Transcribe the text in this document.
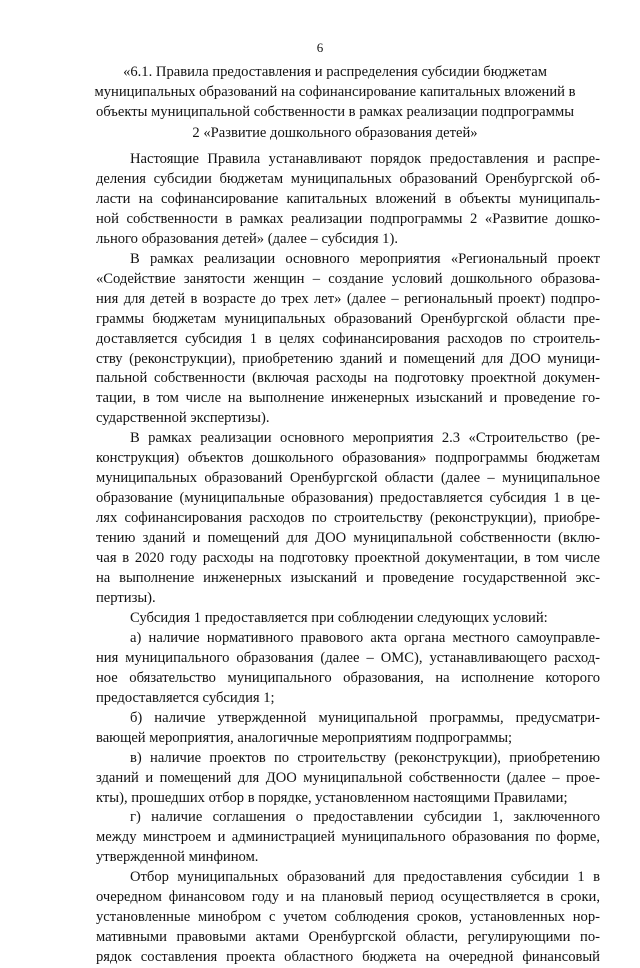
6
«6.1. Правила предоставления и распределения субсидии бюджетам
муниципальных образований на софинансирование капитальных вложений в
объекты муниципальной собственности в рамках реализации подпрограммы
2 «Развитие дошкольного образования детей»
Настоящие Правила устанавливают порядок предоставления и распре-
деления субсидии бюджетам муниципальных образований Оренбургской об-
ласти на софинансирование капитальных вложений в объекты муниципаль-
ной собственности в рамках реализации подпрограммы 2 «Развитие дошко-
льного образования детей» (далее – субсидия 1).
В рамках реализации основного мероприятия «Региональный проект
«Содействие занятости женщин – создание условий дошкольного образова-
ния для детей в возрасте до трех лет» (далее – региональный проект) подпро-
граммы бюджетам муниципальных образований Оренбургской области пре-
доставляется субсидия 1 в целях софинансирования расходов по строитель-
ству (реконструкции), приобретению зданий и помещений для ДОО муници-
пальной собственности (включая расходы на подготовку проектной докумен-
тации, в том числе на выполнение инженерных изысканий и проведение го-
сударственной экспертизы).
В рамках реализации основного мероприятия 2.3 «Строительство (ре-
конструкция) объектов дошкольного образования» подпрограммы бюджетам
муниципальных образований Оренбургской области (далее – муниципальное
образование (муниципальные образования) предоставляется субсидия 1 в це-
лях софинансирования расходов по строительству (реконструкции), приобре-
тению зданий и помещений для ДОО муниципальной собственности (вклю-
чая в 2020 году расходы на подготовку проектной документации, в том числе
на выполнение инженерных изысканий и проведение государственной экс-
пертизы).
Субсидия 1 предоставляется при соблюдении следующих условий:
а) наличие нормативного правового акта органа местного самоуправле-
ния муниципального образования (далее – ОМС), устанавливающего расход-
ное обязательство муниципального образования, на исполнение которого
предоставляется субсидия 1;
б) наличие утвержденной муниципальной программы, предусматри-
вающей мероприятия, аналогичные мероприятиям подпрограммы;
в) наличие проектов по строительству (реконструкции), приобретению
зданий и помещений для ДОО муниципальной собственности (далее – прое-
кты), прошедших отбор в порядке, установленном настоящими Правилами;
г) наличие соглашения о предоставлении субсидии 1, заключенного
между минстроем и администрацией муниципального образования по форме,
утвержденной минфином.
Отбор муниципальных образований для предоставления субсидии 1 в
очередном финансовом году и на плановый период осуществляется в сроки,
установленные минобром с учетом соблюдения сроков, установленных нор-
мативными правовыми актами Оренбургской области, регулирующими по-
рядок составления проекта областного бюджета на очередной финансовый
